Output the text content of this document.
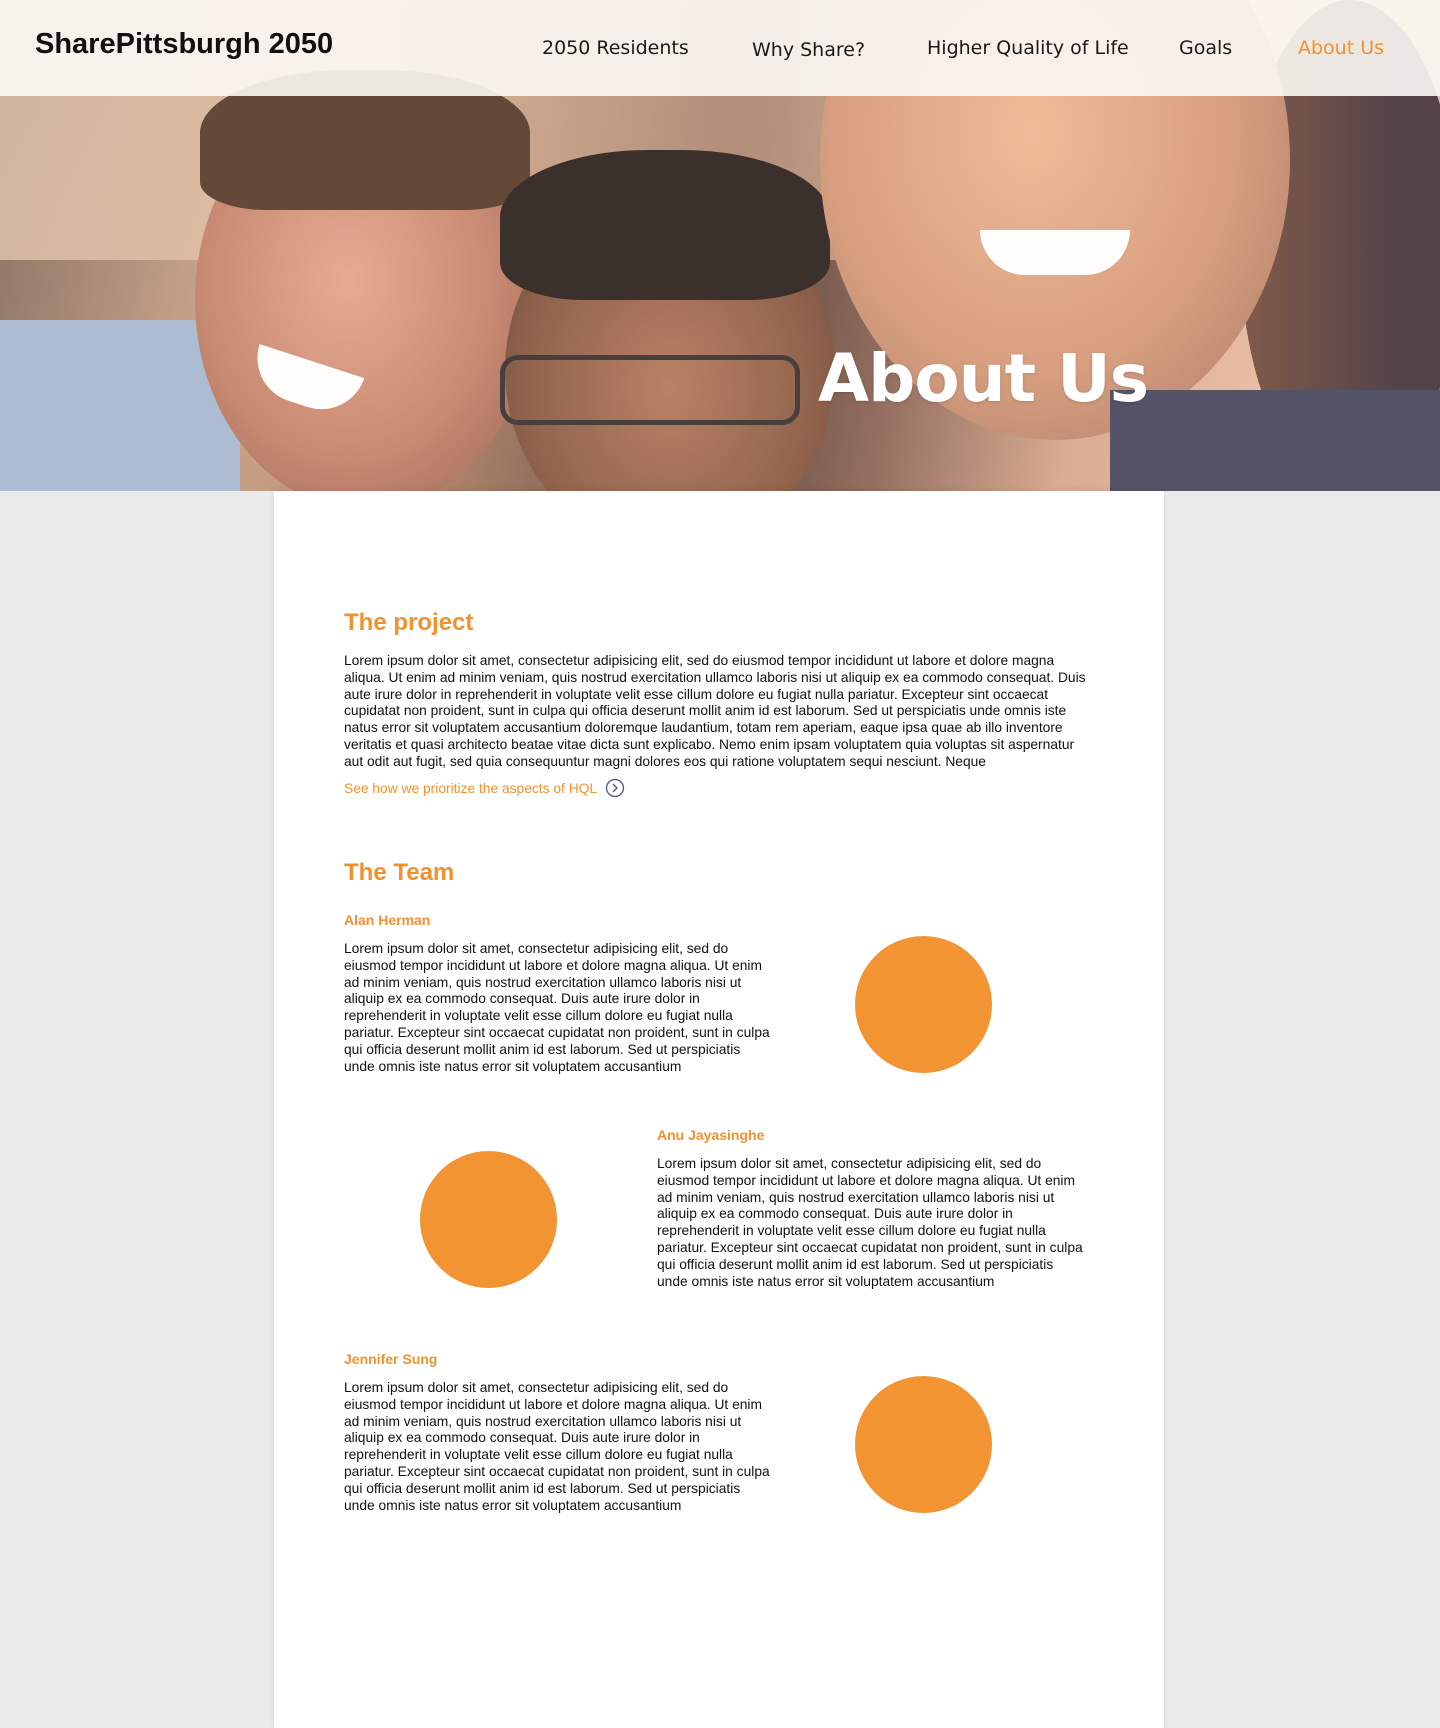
SharePittsburgh 2050	2050 Residents	Why Share?	Higher Quality of Life	Goals	About Us
About Us
The project
Lorem ipsum dolor sit amet, consectetur adipisicing elit, sed do eiusmod tempor incididunt ut labore et dolore magna aliqua. Ut enim ad minim veniam, quis nostrud exercitation ullamco laboris nisi ut aliquip ex ea commodo consequat. Duis aute irure dolor in reprehenderit in voluptate velit esse cillum dolore eu fugiat nulla pariatur. Excepteur sint occaecat cupidatat non proident, sunt in culpa qui officia deserunt mollit anim id est laborum. Sed ut perspiciatis unde omnis iste natus error sit voluptatem accusantium doloremque laudantium, totam rem aperiam, eaque ipsa quae ab illo inventore veritatis et quasi architecto beatae vitae dicta sunt explicabo. Nemo enim ipsam voluptatem quia voluptas sit aspernatur aut odit aut fugit, sed quia consequuntur magni dolores eos qui ratione voluptatem sequi nesciunt. Neque
See how we prioritize the aspects of HQL
The Team
Alan Herman
Lorem ipsum dolor sit amet, consectetur adipisicing elit, sed do eiusmod tempor incididunt ut labore et dolore magna aliqua. Ut enim ad minim veniam, quis nostrud exercitation ullamco laboris nisi ut aliquip ex ea commodo consequat. Duis aute irure dolor in reprehenderit in voluptate velit esse cillum dolore eu fugiat nulla pariatur. Excepteur sint occaecat cupidatat non proident, sunt in culpa qui officia deserunt mollit anim id est laborum. Sed ut perspiciatis unde omnis iste natus error sit voluptatem accusantium
Anu Jayasinghe
Lorem ipsum dolor sit amet, consectetur adipisicing elit, sed do eiusmod tempor incididunt ut labore et dolore magna aliqua. Ut enim ad minim veniam, quis nostrud exercitation ullamco laboris nisi ut aliquip ex ea commodo consequat. Duis aute irure dolor in reprehenderit in voluptate velit esse cillum dolore eu fugiat nulla pariatur. Excepteur sint occaecat cupidatat non proident, sunt in culpa qui officia deserunt mollit anim id est laborum. Sed ut perspiciatis unde omnis iste natus error sit voluptatem accusantium
Jennifer Sung
Lorem ipsum dolor sit amet, consectetur adipisicing elit, sed do eiusmod tempor incididunt ut labore et dolore magna aliqua. Ut enim ad minim veniam, quis nostrud exercitation ullamco laboris nisi ut aliquip ex ea commodo consequat. Duis aute irure dolor in reprehenderit in voluptate velit esse cillum dolore eu fugiat nulla pariatur. Excepteur sint occaecat cupidatat non proident, sunt in culpa qui officia deserunt mollit anim id est laborum. Sed ut perspiciatis unde omnis iste natus error sit voluptatem accusantium
